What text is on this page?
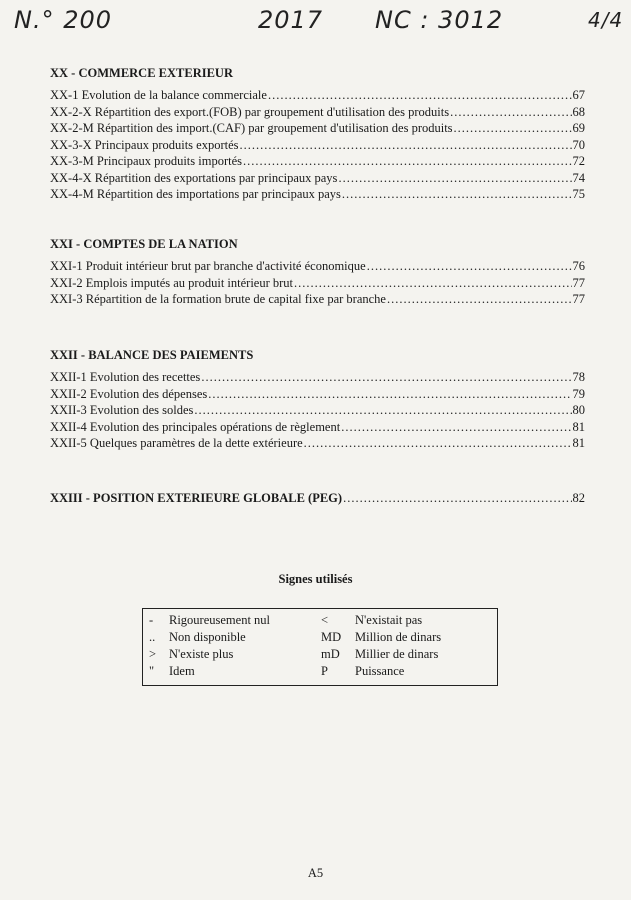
N.° 200	2017 NC : 3012	4/4
XX - COMMERCE EXTERIEUR
XX-1 Evolution de la balance commerciale .....	67
XX-2-X Répartition des export.(FOB) par groupement d'utilisation des produits .....	68
XX-2-M Répartition des import.(CAF) par groupement d'utilisation des produits .....	69
XX-3-X Principaux produits exportés .....	70
XX-3-M Principaux produits importés .....	72
XX-4-X Répartition des exportations par principaux pays .....	74
XX-4-M Répartition des importations par principaux pays .....	75
XXI - COMPTES DE LA NATION
XXI-1 Produit intérieur brut par branche d'activité économique .....	76
XXI-2 Emplois imputés au produit intérieur brut .....	77
XXI-3 Répartition de la formation brute de capital fixe par branche .....	77
XXII - BALANCE DES PAIEMENTS
XXII-1 Evolution des recettes .....	78
XXII-2 Evolution des dépenses .....	79
XXII-3 Evolution des soldes .....	80
XXII-4 Evolution des principales opérations de règlement .....	81
XXII-5 Quelques paramètres de la dette extérieure .....	81
XXIII - POSITION EXTERIEURE GLOBALE (PEG) .....	82
Signes utilisés
- Rigoureusement nul	< N'existait pas
.. Non disponible	MD Million de dinars
> N'existe plus	mD Millier de dinars
" Idem	P Puissance
A5
